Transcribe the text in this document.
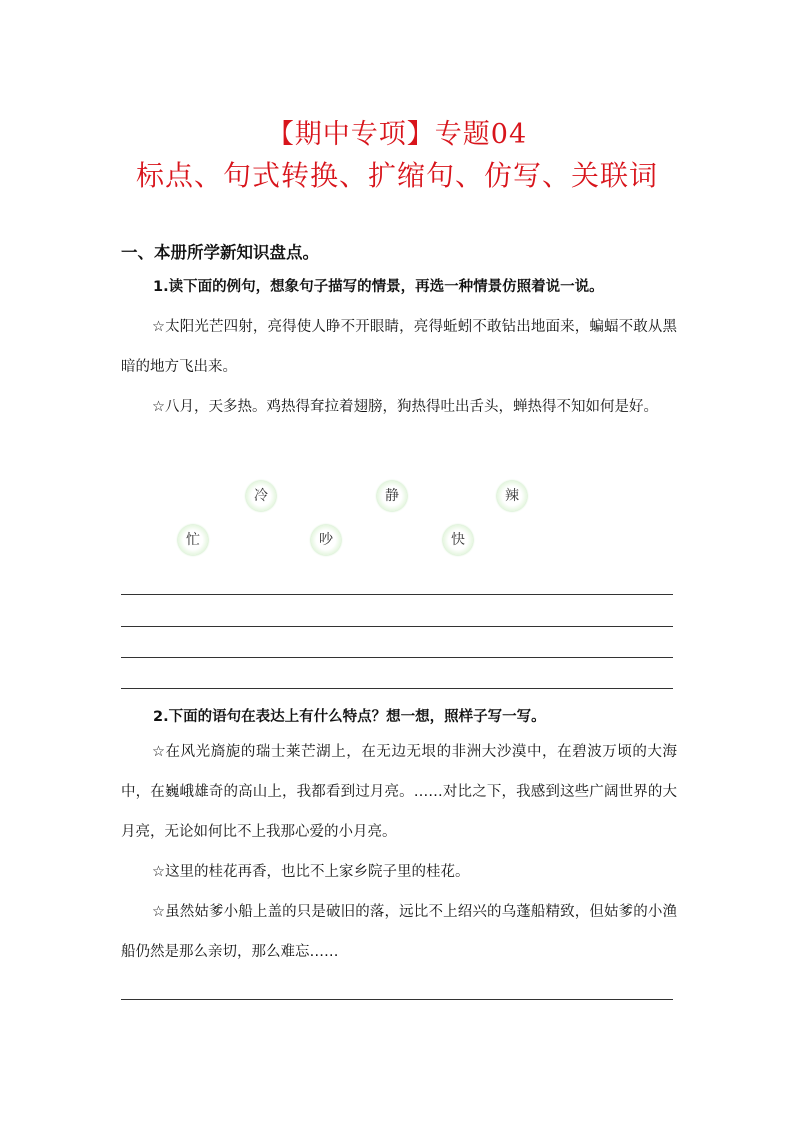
【期中专项】专题04
标点、句式转换、扩缩句、仿写、关联词
一、本册所学新知识盘点。

1.读下面的例句，想象句子描写的情景，再选一种情景仿照着说一说。

☆太阳光芒四射，亮得使人睁不开眼睛，亮得蚯蚓不敢钻出地面来，蝙蝠不敢从黑暗的地方飞出来。

☆八月，天多热。鸡热得耷拉着翅膀，狗热得吐出舌头，蝉热得不知如何是好。

冷	静	辣
忙	吵	快

2.下面的语句在表达上有什么特点？想一想，照样子写一写。

☆在风光旖旎的瑞士莱芒湖上，在无边无垠的非洲大沙漠中，在碧波万顷的大海中，在巍峨雄奇的高山上，我都看到过月亮。……对比之下，我感到这些广阔世界的大月亮，无论如何比不上我那心爱的小月亮。

☆这里的桂花再香，也比不上家乡院子里的桂花。

☆虽然姑爹小船上盖的只是破旧的落，远比不上绍兴的乌蓬船精致，但姑爹的小渔船仍然是那么亲切，那么难忘……
